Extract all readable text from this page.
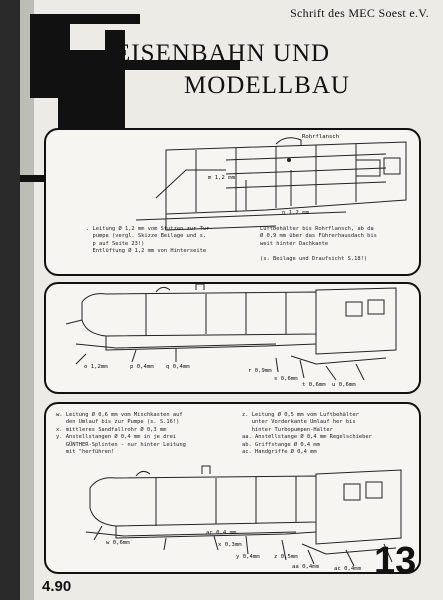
Schrift des MEC Soest e.V.
EISENBAHN UND
MODELLBAU
Rohrflansch
m 1,2 mm
n 1,2 mm
. Leitung Ø 1,2 mm vom Stutzen zur Tur-
pumpe (vergl. Skizze Beilage und s.
p auf Seite 23!)
Entlüftung Ø 1,2 mm von Hinterseite
Luftbehälter bis Rohrflansch, ab da
Ø 0,9 mm über das Führerhausdach bis
weit hinter Dachkante

(s. Beilage und Draufsicht S.18!)
o 1,2mm	p 0,4mm q 0,4mm
r 0,9mm
s 0,6mm
t 0,6mm u 0,6mm
w. Leitung Ø 0,6 mm vom Mischkasten auf
den Umlauf bis zur Pumpe (s. S.16!)
x. mittleres Sandfallrohr Ø 0,3 mm
y. Anstellstangen Ø 0,4 mm in je drei
GÜNTHER-Splinten - nur hinter Leitung
mit "herführen!
z. Leitung Ø 0,5 mm vom Luftbehälter
unter Vorderkante Umlauf her bis
hinter Turbopumpen-Halter
aa. Anstellstange Ø 0,4 mm Regelschieber
ab. Griffstange Ø 0,4 mm
ac. Handgriffe Ø 0,4 mm
w 0,6mm
ac 0,4 mm
x 0,3mm
y 0,4mm	z 0,5mm
aa 0,4mm	ac 0,4mm 13
4.90
